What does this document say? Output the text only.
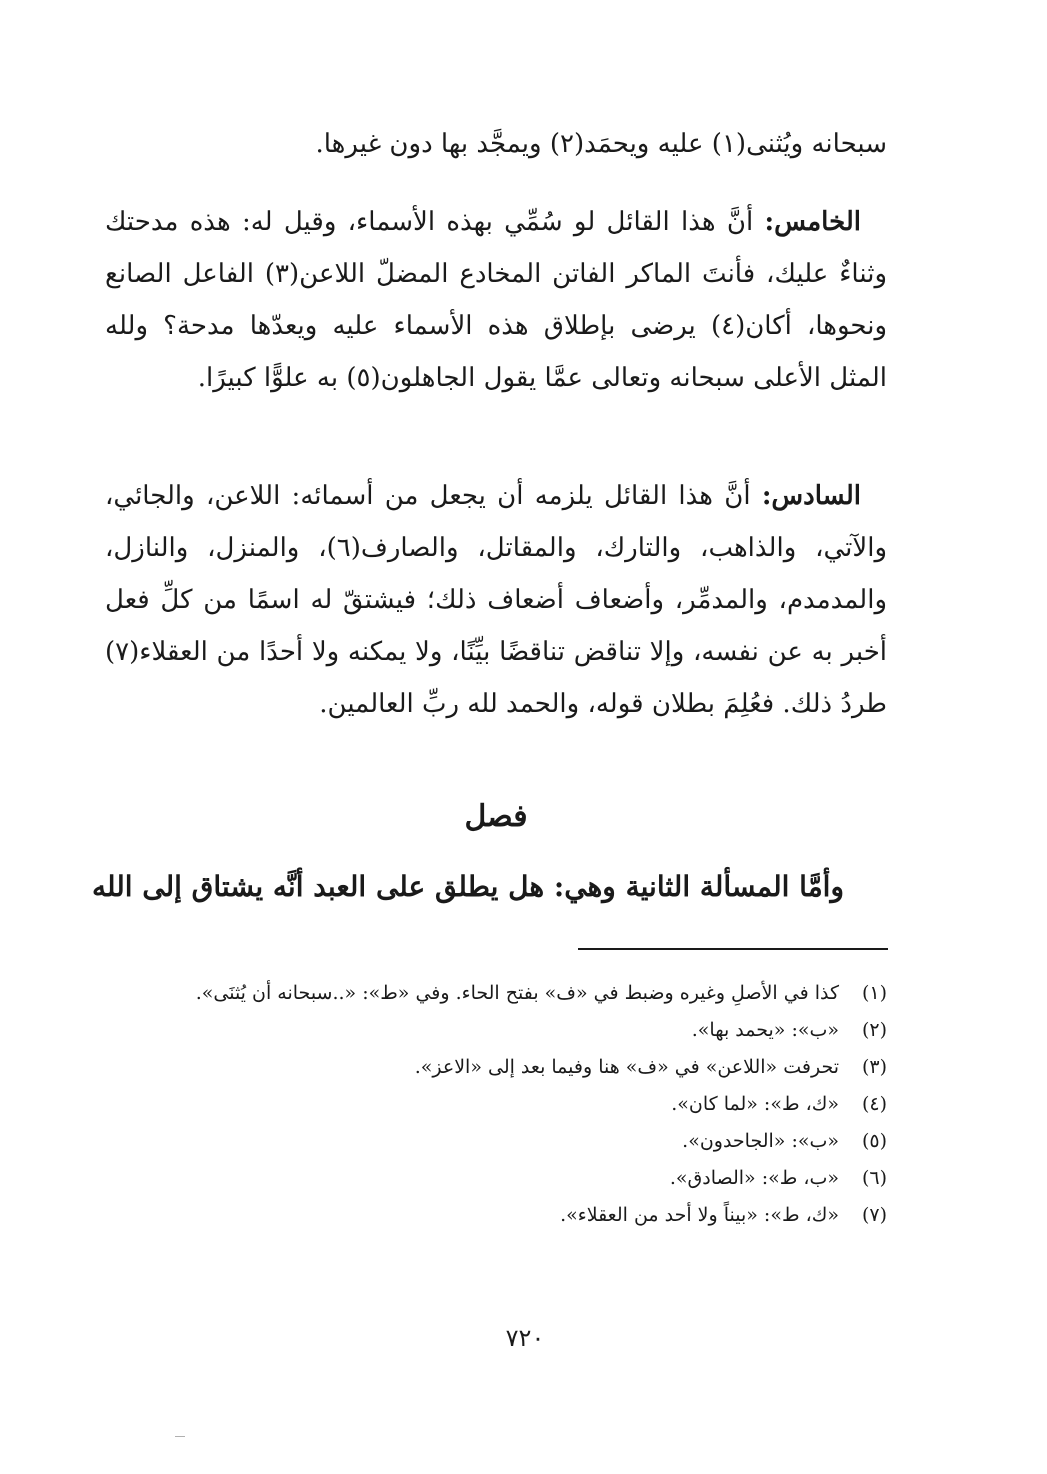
سبحانه ويُثنى(١) عليه ويحمَد(٢) ويمجَّد بها دون غيرها.
الخامس: أنَّ هذا القائل لو سُمِّي بهذه الأسماء، وقيل له: هذه مدحتك وثناءٌ عليك، فأنتَ الماكر الفاتن المخادع المضلّ اللاعن(٣) الفاعل الصانع ونحوها، أكان(٤) يرضى بإطلاق هذه الأسماء عليه ويعدّها مدحة؟ ولله المثل الأعلى سبحانه وتعالى عمَّا يقول الجاهلون(٥) به علوًّا كبيرًا.
السادس: أنَّ هذا القائل يلزمه أن يجعل من أسمائه: اللاعن، والجائي، والآتي، والذاهب، والتارك، والمقاتل، والصارف(٦)، والمنزل، والنازل، والمدمدم، والمدمِّر، وأضعاف أضعاف ذلك؛ فيشتقّ له اسمًا من كلِّ فعل أخبر به عن نفسه، وإلا تناقض تناقضًا بيِّنًا، ولا يمكنه ولا أحدًا من العقلاء(٧) طردُ ذلك. فعُلِمَ بطلان قوله، والحمد لله ربِّ العالمين.
فصل
وأمَّا المسألة الثانية وهي: هل يطلق على العبد أنَّه يشتاق إلى الله
(١)
كذا في الأصلِ وغيره وضبط في «ف» بفتح الحاء. وفي «ط»: «..سبحانه أن يُثنَى».
(٢)
«ب»: «يحمد بها».
(٣)
تحرفت «اللاعن» في «ف» هنا وفيما بعد إلى «الاعز».
(٤)
«ك، ط»: «لما كان».
(٥)
«ب»: «الجاحدون».
(٦)
«ب، ط»: «الصادق».
(٧)
«ك، ط»: «بيناً ولا أحد من العقلاء».
٧٢٠
